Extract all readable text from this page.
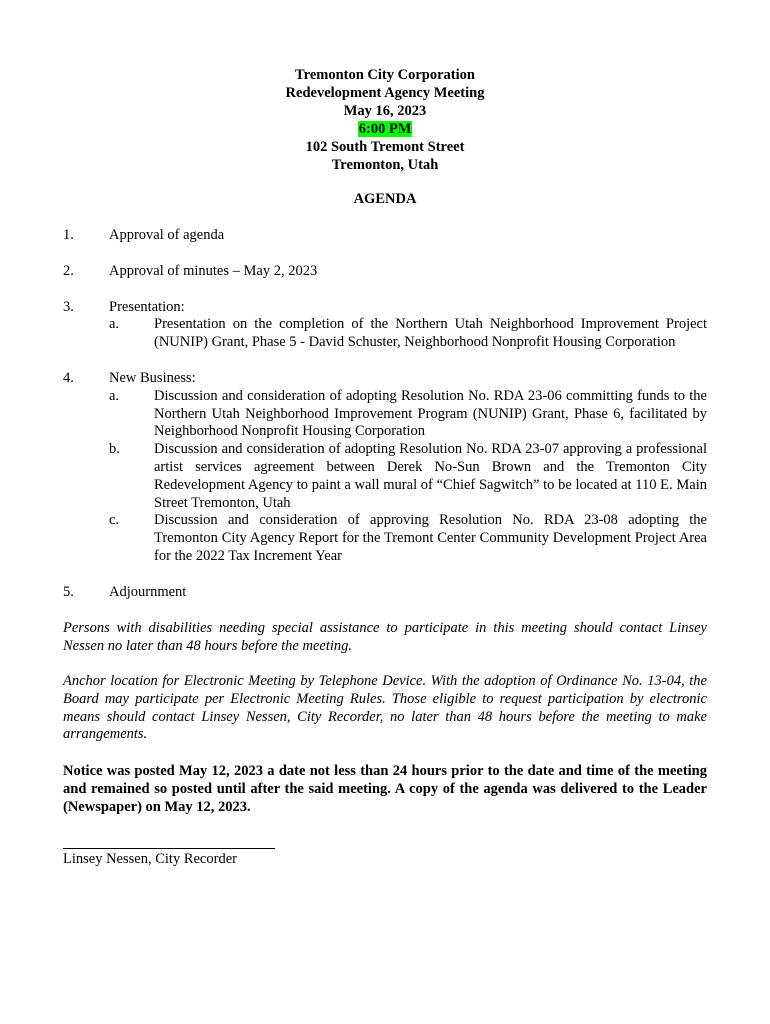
Tremonton City Corporation
Redevelopment Agency Meeting
May 16, 2023
6:00 PM
102 South Tremont Street
Tremonton, Utah
AGENDA
1.	Approval of agenda
2.	Approval of minutes – May 2, 2023
3.	Presentation:
a.	Presentation on the completion of the Northern Utah Neighborhood Improvement Project (NUNIP) Grant, Phase 5 - David Schuster, Neighborhood Nonprofit Housing Corporation
4.	New Business:
a.	Discussion and consideration of adopting Resolution No. RDA 23-06 committing funds to the Northern Utah Neighborhood Improvement Program (NUNIP) Grant, Phase 6, facilitated by Neighborhood Nonprofit Housing Corporation
b.	Discussion and consideration of adopting Resolution No. RDA 23-07 approving a professional artist services agreement between Derek No-Sun Brown and the Tremonton City Redevelopment Agency to paint a wall mural of “Chief Sagwitch” to be located at 110 E. Main Street Tremonton, Utah
c.	Discussion and consideration of approving Resolution No. RDA 23-08 adopting the Tremonton City Agency Report for the Tremont Center Community Development Project Area for the 2022 Tax Increment Year
5.	Adjournment
Persons with disabilities needing special assistance to participate in this meeting should contact Linsey Nessen no later than 48 hours before the meeting.
Anchor location for Electronic Meeting by Telephone Device. With the adoption of Ordinance No. 13-04, the Board may participate per Electronic Meeting Rules. Those eligible to request participation by electronic means should contact Linsey Nessen, City Recorder, no later than 48 hours before the meeting to make arrangements.
Notice was posted May 12, 2023 a date not less than 24 hours prior to the date and time of the meeting and remained so posted until after the said meeting. A copy of the agenda was delivered to the Leader (Newspaper) on May 12, 2023.
Linsey Nessen, City Recorder
